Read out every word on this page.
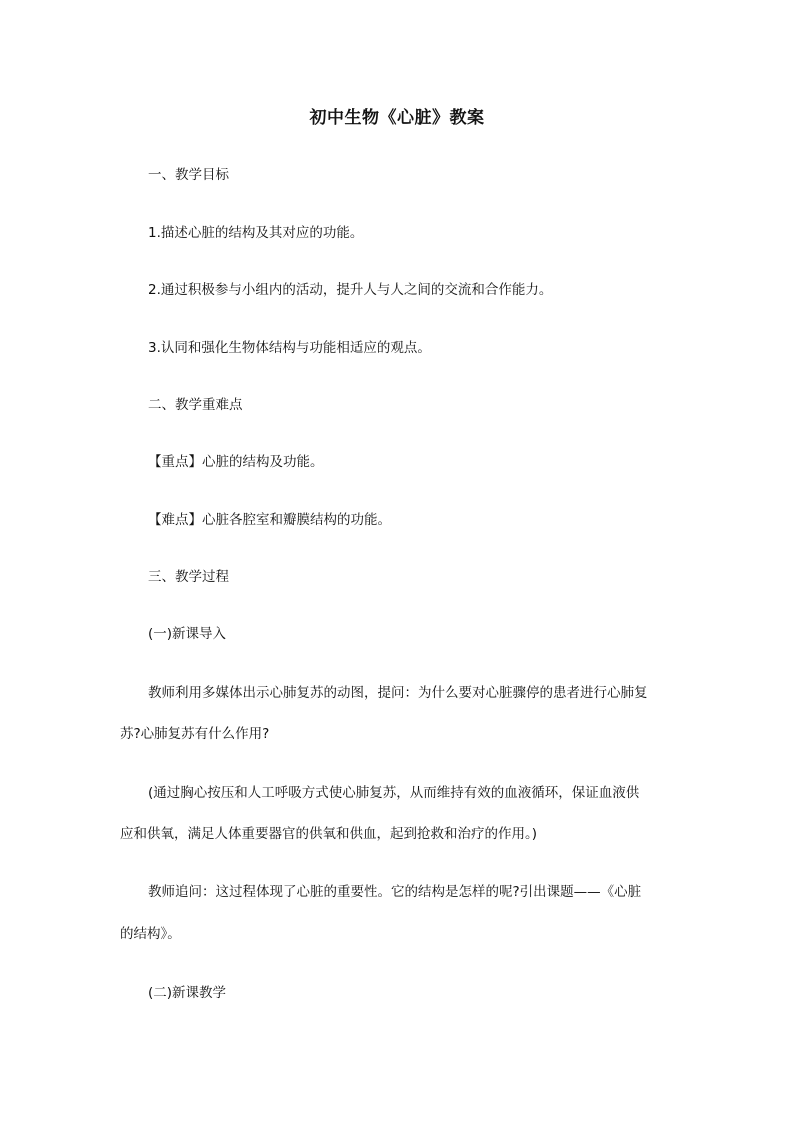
初中生物《心脏》教案

一、教学目标

1.描述心脏的结构及其对应的功能。

2.通过积极参与小组内的活动，提升人与人之间的交流和合作能力。

3.认同和强化生物体结构与功能相适应的观点。

二、教学重难点

【重点】心脏的结构及功能。

【难点】心脏各腔室和瓣膜结构的功能。

三、教学过程

(一)新课导入

教师利用多媒体出示心肺复苏的动图，提问：为什么要对心脏骤停的患者进行心肺复

苏?心肺复苏有什么作用?

(通过胸心按压和人工呼吸方式使心肺复苏，从而维持有效的血液循环，保证血液供

应和供氧，满足人体重要器官的供氧和供血，起到抢救和治疗的作用。)

教师追问：这过程体现了心脏的重要性。它的结构是怎样的呢?引出课题——《心脏

的结构》。

(二)新课教学
